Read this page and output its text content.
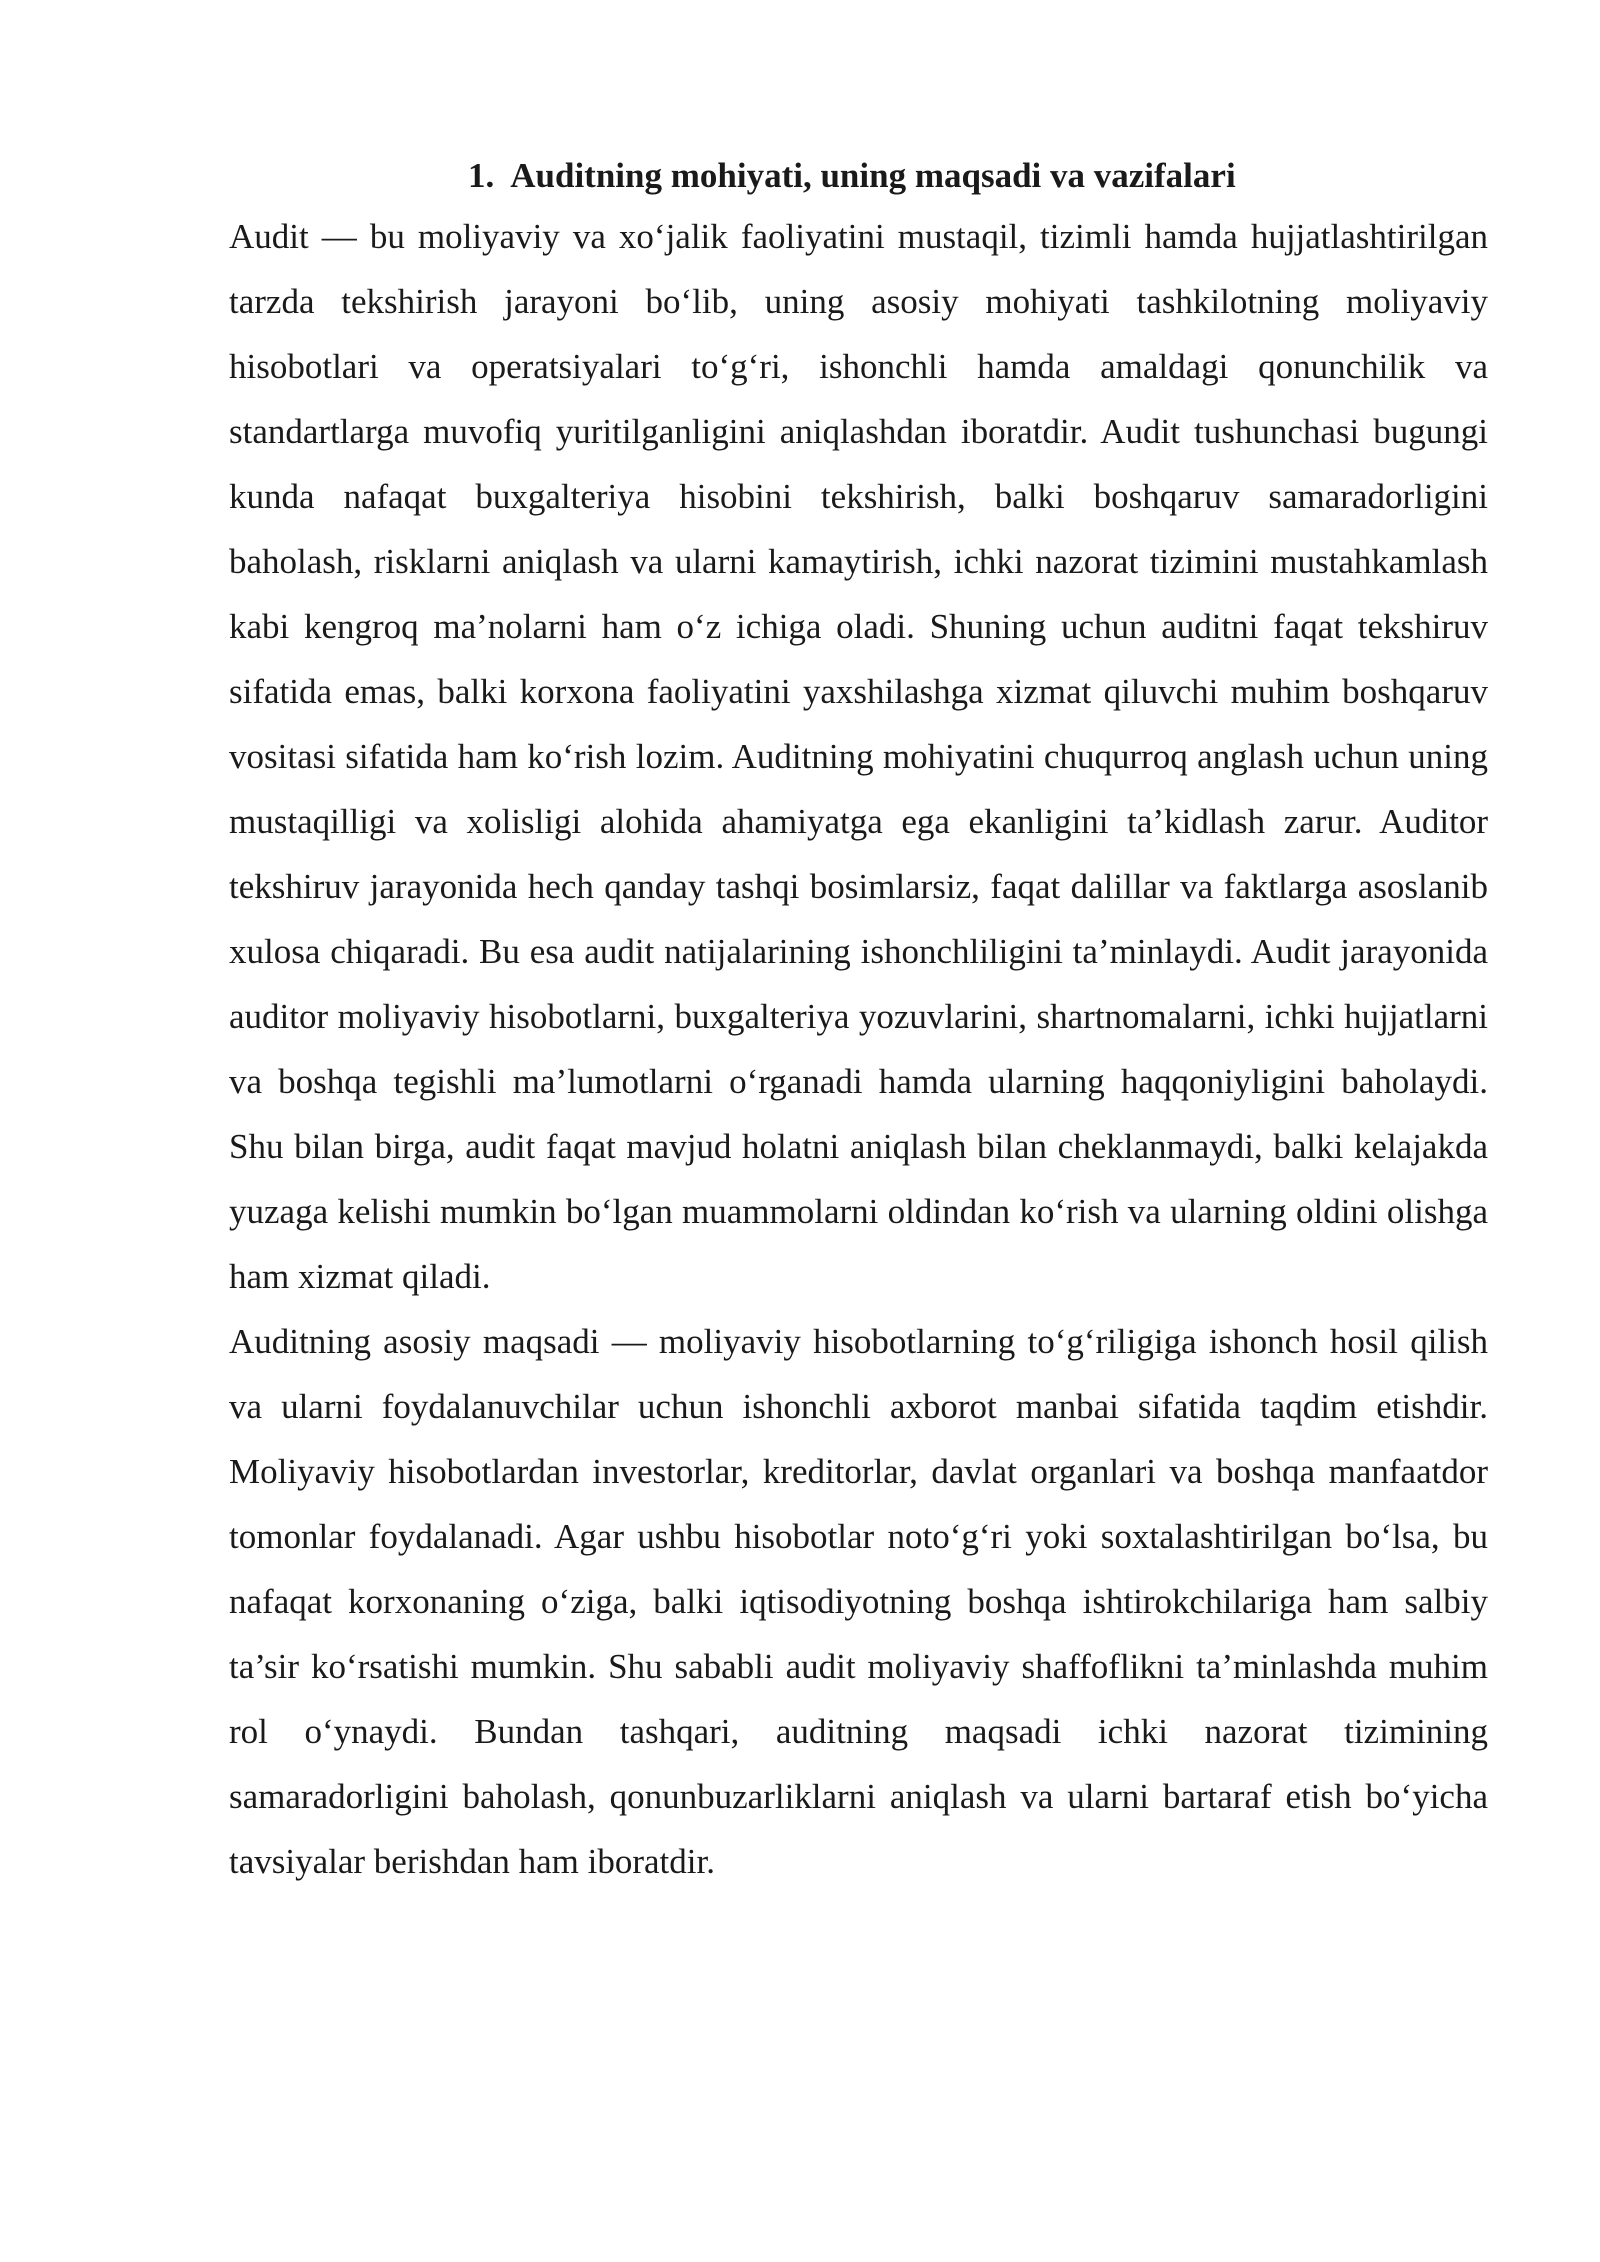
1. Auditning mohiyati, uning maqsadi va vazifalari

Audit — bu moliyaviy va xo‘jalik faoliyatini mustaqil, tizimli hamda hujjatlashtirilgan tarzda tekshirish jarayoni bo‘lib, uning asosiy mohiyati tashkilotning moliyaviy hisobotlari va operatsiyalari to‘g‘ri, ishonchli hamda amaldagi qonunchilik va standartlarga muvofiq yuritilganligini aniqlashdan iboratdir. Audit tushunchasi bugungi kunda nafaqat buxgalteriya hisobini tekshirish, balki boshqaruv samaradorligini baholash, risklarni aniqlash va ularni kamaytirish, ichki nazorat tizimini mustahkamlash kabi kengroq ma’nolarni ham o‘z ichiga oladi. Shuning uchun auditni faqat tekshiruv sifatida emas, balki korxona faoliyatini yaxshilashga xizmat qiluvchi muhim boshqaruv vositasi sifatida ham ko‘rish lozim. Auditning mohiyatini chuqurroq anglash uchun uning mustaqilligi va xolisligi alohida ahamiyatga ega ekanligini ta’kidlash zarur. Auditor tekshiruv jarayonida hech qanday tashqi bosimlarsiz, faqat dalillar va faktlarga asoslanib xulosa chiqaradi. Bu esa audit natijalarining ishonchliligini ta’minlaydi. Audit jarayonida auditor moliyaviy hisobotlarni, buxgalteriya yozuvlarini, shartnomalarni, ichki hujjatlarni va boshqa tegishli ma’lumotlarni o‘rganadi hamda ularning haqqoniyligini baholaydi. Shu bilan birga, audit faqat mavjud holatni aniqlash bilan cheklanmaydi, balki kelajakda yuzaga kelishi mumkin bo‘lgan muammolarni oldindan ko‘rish va ularning oldini olishga ham xizmat qiladi.

Auditning asosiy maqsadi — moliyaviy hisobotlarning to‘g‘riligiga ishonch hosil qilish va ularni foydalanuvchilar uchun ishonchli axborot manbai sifatida taqdim etishdir. Moliyaviy hisobotlardan investorlar, kreditorlar, davlat organlari va boshqa manfaatdor tomonlar foydalanadi. Agar ushbu hisobotlar noto‘g‘ri yoki soxtalashtirilgan bo‘lsa, bu nafaqat korxonaning o‘ziga, balki iqtisodiyotning boshqa ishtirokchilariga ham salbiy ta’sir ko‘rsatishi mumkin. Shu sababli audit moliyaviy shaffoflikni ta’minlashda muhim rol o‘ynaydi. Bundan tashqari, auditning maqsadi ichki nazorat tizimining samaradorligini baholash, qonunbuzarliklarni aniqlash va ularni bartaraf etish bo‘yicha tavsiyalar berishdan ham iboratdir.
